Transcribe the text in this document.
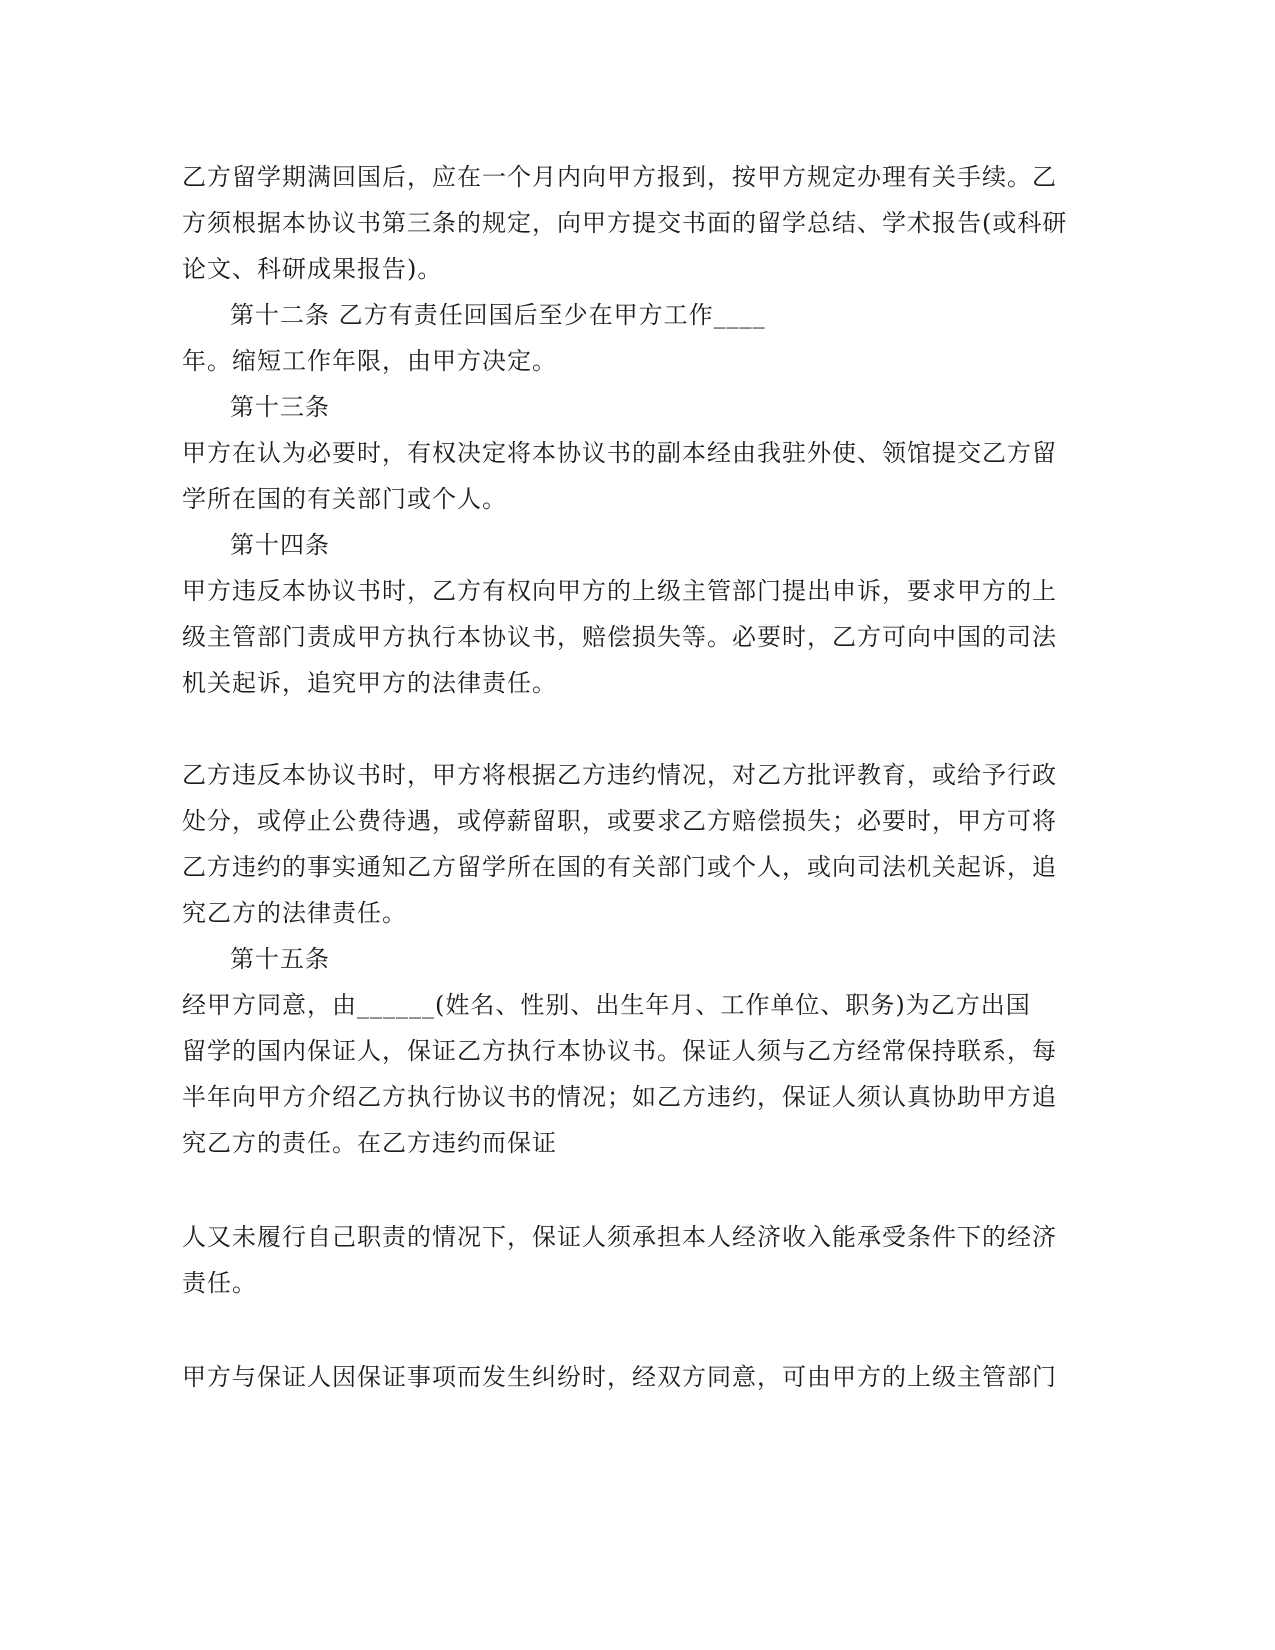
乙方留学期满回国后，应在一个月内向甲方报到，按甲方规定办理有关手续。乙
方须根据本协议书第三条的规定，向甲方提交书面的留学总结、学术报告(或科研
论文、科研成果报告)。
第十二条 乙方有责任回国后至少在甲方工作____
年。缩短工作年限，由甲方决定。
第十三条
甲方在认为必要时，有权决定将本协议书的副本经由我驻外使、领馆提交乙方留
学所在国的有关部门或个人。
第十四条
甲方违反本协议书时，乙方有权向甲方的上级主管部门提出申诉，要求甲方的上
级主管部门责成甲方执行本协议书，赔偿损失等。必要时，乙方可向中国的司法
机关起诉，追究甲方的法律责任。
乙方违反本协议书时，甲方将根据乙方违约情况，对乙方批评教育，或给予行政
处分，或停止公费待遇，或停薪留职，或要求乙方赔偿损失；必要时，甲方可将
乙方违约的事实通知乙方留学所在国的有关部门或个人，或向司法机关起诉，追
究乙方的法律责任。
第十五条
经甲方同意，由______(姓名、性别、出生年月、工作单位、职务)为乙方出国
留学的国内保证人，保证乙方执行本协议书。保证人须与乙方经常保持联系，每
半年向甲方介绍乙方执行协议书的情况；如乙方违约，保证人须认真协助甲方追
究乙方的责任。在乙方违约而保证
人又未履行自己职责的情况下，保证人须承担本人经济收入能承受条件下的经济
责任。
甲方与保证人因保证事项而发生纠纷时，经双方同意，可由甲方的上级主管部门
